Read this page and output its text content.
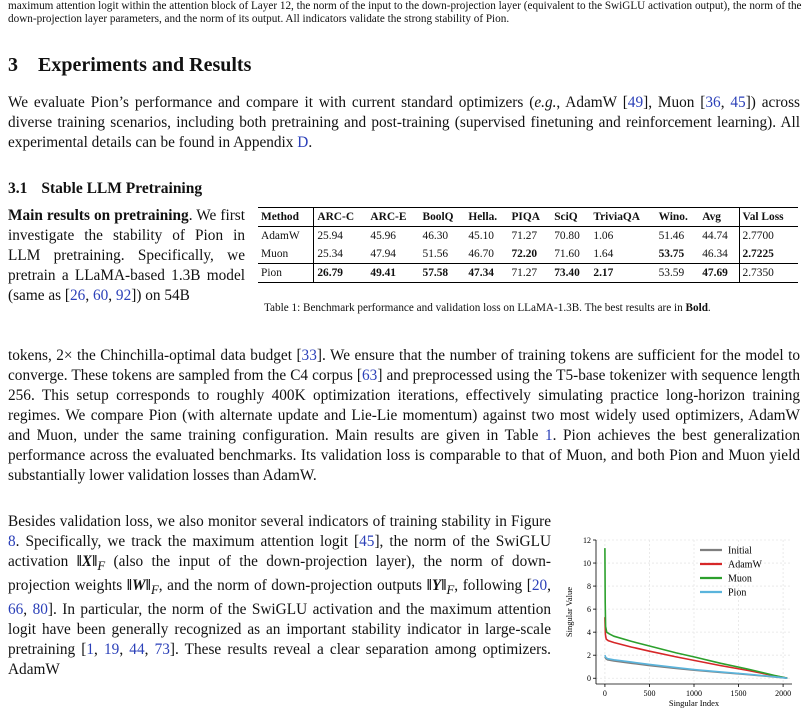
maximum attention logit within the attention block of Layer 12, the norm of the input to the down-projection layer (equivalent to the SwiGLU activation output), the norm of the down-projection layer parameters, and the norm of its output. All indicators validate the strong stability of Pion.
3 Experiments and Results
We evaluate Pion’s performance and compare it with current standard optimizers (e.g., AdamW [49], Muon [36, 45]) across diverse training scenarios, including both pretraining and post-training (supervised finetuning and reinforcement learning). All experimental details can be found in Appendix D.
3.1 Stable LLM Pretraining
Main results on pretraining. We first investigate the stability of Pion in LLM pretraining. Specifically, we pretrain a LLaMA-based 1.3B model (same as [26, 60, 92]) on 54B
Method	ARC-C	ARC-E	BoolQ	Hella.	PIQA	SciQ	TriviaQA	Wino.	Avg	Val Loss
AdamW	25.94	45.96	46.30	45.10	71.27	70.80	1.06	51.46	44.74	2.7700
Muon	25.34	47.94	51.56	46.70	72.20	71.60	1.64	53.75	46.34	2.7225
Pion	26.79	49.41	57.58	47.34	71.27	73.40	2.17	53.59	47.69	2.7350
Table 1: Benchmark performance and validation loss on LLaMA-1.3B. The best results are in Bold.
tokens, 2× the Chinchilla-optimal data budget [33]. We ensure that the number of training tokens are sufficient for the model to converge. These tokens are sampled from the C4 corpus [63] and preprocessed using the T5-base tokenizer with sequence length 256. This setup corresponds to roughly 400K optimization iterations, effectively simulating practice long-horizon training regimes. We compare Pion (with alternate update and Lie-Lie momentum) against two most widely used optimizers, AdamW and Muon, under the same training configuration. Main results are given in Table 1. Pion achieves the best generalization performance across the evaluated benchmarks. Its validation loss is comparable to that of Muon, and both Pion and Muon yield substantially lower validation losses than AdamW.
Besides validation loss, we also monitor several indicators of training stability in Figure 8. Specifically, we track the maximum attention logit [45], the norm of the SwiGLU activation $‖X‖_F$ (also the input of the down-projection layer), the norm of down-projection weights $‖W‖_F$, and the norm of down-projection outputs $‖Y‖_F$, following [20, 66, 80]. In particular, the norm of the SwiGLU activation and the maximum attention logit have been generally recognized as an important stability indicator in large-scale pretraining [1, 19, 44, 73]. These results reveal a clear separation among optimizers. AdamW
0
2
4
6
8
10
12
0	500	1000	1500	2000
Singular Index
Singular Value
Initial
AdamW
Muon
Pion
